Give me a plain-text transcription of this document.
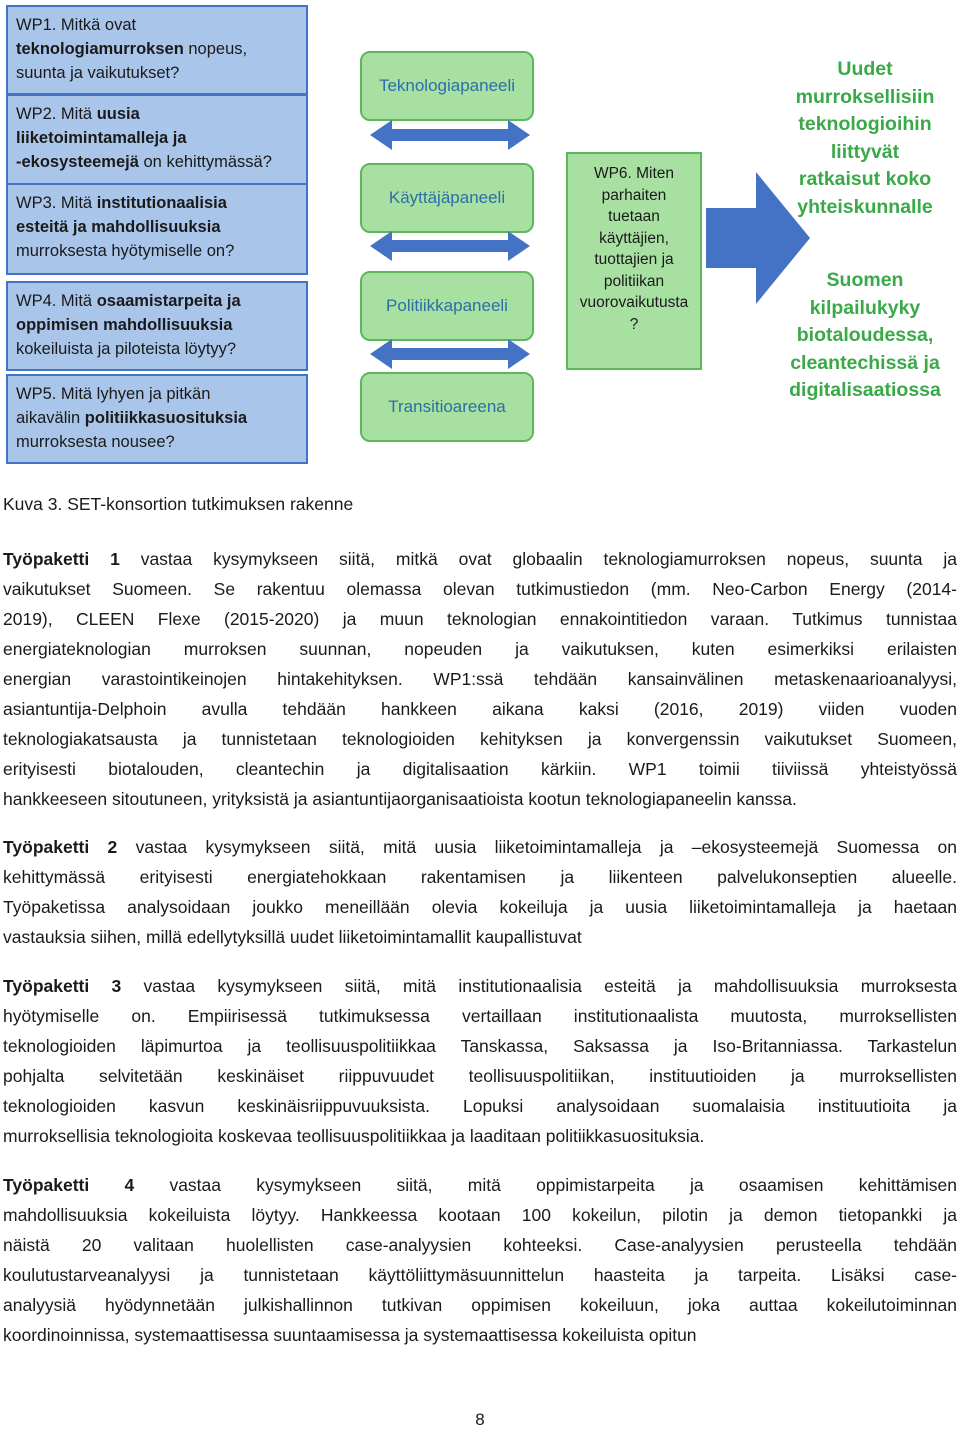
WP1. Mitkä ovat
teknologiamurroksen nopeus,
suunta ja vaikutukset?
WP2. Mitä uusia
liiketoimintamalleja ja
-ekosysteemejä on kehittymässä?
WP3. Mitä institutionaalisia
esteitä ja mahdollisuuksia
murroksesta hyötymiselle on?
WP4. Mitä osaamistarpeita ja
oppimisen mahdollisuuksia
kokeiluista ja piloteista löytyy?
WP5. Mitä lyhyen ja pitkän
aikavälin politiikkasuosituksia
murroksesta nousee?
Teknologiapaneeli
Käyttäjäpaneeli
Politiikkapaneeli
Transitioareena
WP6. Miten
parhaiten
tuetaan
käyttäjien,
tuottajien ja
politiikan
vuorovaikutusta
?
Uudet
murroksellisiin
teknologioihin
liittyvät
ratkaisut koko
yhteiskunnalle
Suomen
kilpailukyky
biotaloudessa,
cleantechissä ja
digitalisaatiossa
Kuva 3. SET-konsortion tutkimuksen rakenne
Työpaketti 1 vastaa kysymykseen siitä, mitkä ovat globaalin teknologiamurroksen nopeus, suunta ja
vaikutukset Suomeen. Se rakentuu olemassa olevan tutkimustiedon (mm. Neo-Carbon Energy (2014-
2019), CLEEN Flexe (2015-2020) ja muun teknologian ennakointitiedon varaan. Tutkimus tunnistaa
energiateknologian murroksen suunnan, nopeuden ja vaikutuksen, kuten esimerkiksi erilaisten
energian varastointikeinojen hintakehityksen. WP1:ssä tehdään kansainvälinen metaskenaarioanalyysi,
asiantuntija-Delphoin avulla tehdään hankkeen aikana kaksi (2016, 2019) viiden vuoden
teknologiakatsausta ja tunnistetaan teknologioiden kehityksen ja konvergenssin vaikutukset Suomeen,
erityisesti biotalouden, cleantechin ja digitalisaation kärkiin. WP1 toimii tiiviissä yhteistyössä
hankkeeseen sitoutuneen, yrityksistä ja asiantuntijaorganisaatioista kootun teknologiapaneelin kanssa.
Työpaketti 2 vastaa kysymykseen siitä, mitä uusia liiketoimintamalleja ja –ekosysteemejä Suomessa on
kehittymässä erityisesti energiatehokkaan rakentamisen ja liikenteen palvelukonseptien alueelle.
Työpaketissa analysoidaan joukko meneillään olevia kokeiluja ja uusia liiketoimintamalleja ja haetaan
vastauksia siihen, millä edellytyksillä uudet liiketoimintamallit kaupallistuvat
Työpaketti 3 vastaa kysymykseen siitä, mitä institutionaalisia esteitä ja mahdollisuuksia murroksesta
hyötymiselle on. Empiirisessä tutkimuksessa vertaillaan institutionaalista muutosta, murroksellisten
teknologioiden läpimurtoa ja teollisuuspolitiikkaa Tanskassa, Saksassa ja Iso-Britanniassa. Tarkastelun
pohjalta selvitetään keskinäiset riippuvuudet teollisuuspolitiikan, instituutioiden ja murroksellisten
teknologioiden kasvun keskinäisriippuvuuksista. Lopuksi analysoidaan suomalaisia instituutioita ja
murroksellisia teknologioita koskevaa teollisuuspolitiikkaa ja laaditaan politiikkasuosituksia.
Työpaketti 4 vastaa kysymykseen siitä, mitä oppimistarpeita ja osaamisen kehittämisen
mahdollisuuksia kokeiluista löytyy. Hankkeessa kootaan 100 kokeilun, pilotin ja demon tietopankki ja
näistä 20 valitaan huolellisten case-analyysien kohteeksi. Case-analyysien perusteella tehdään
koulutustarveanalyysi ja tunnistetaan käyttöliittymäsuunnittelun haasteita ja tarpeita. Lisäksi case-
analyysiä hyödynnetään julkishallinnon tutkivan oppimisen kokeiluun, joka auttaa kokeilutoiminnan
koordinoinnissa, systemaattisessa suuntaamisessa ja systemaattisessa kokeiluista opitun
8
